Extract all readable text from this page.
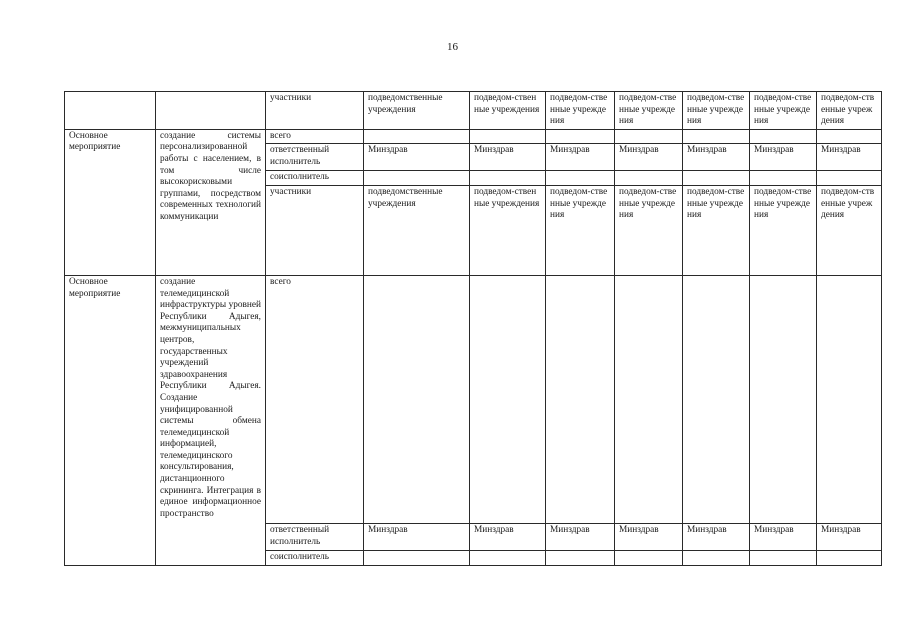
16
		участники	подведомственные учреждения	подведом-ственные учреждения	подведом-ственные учреждения	подведом-ственные учреждения	подведом-ственные учреждения	подведом-ственные учреждения	подведом-ственные учреждения
Основное мероприятие	создание системы персонализированной работы с населением, в том числе высокорисковыми группами, посредством современных технологий коммуникации	всего							
		ответственный исполнитель	Минздрав	Минздрав	Минздрав	Минздрав	Минздрав	Минздрав	Минздрав
		соисполнитель							
		участники	подведомственные учреждения	подведом-ственные учреждения	подведом-ственные учреждения	подведом-ственные учреждения	подведом-ственные учреждения	подведом-ственные учреждения	подведом-ственные учреждения
Основное мероприятие	создание телемедицинской инфраструктуры уровней Республики Адыгея, межмуниципальных центров, государственных учреждений здравоохранения Республики Адыгея. Создание унифицированной системы обмена телемедицинской информацией, телемедицинского консультирования, дистанционного скрининга. Интеграция в единое информационное пространство	всего							
		ответственный исполнитель	Минздрав	Минздрав	Минздрав	Минздрав	Минздрав	Минздрав	Минздрав
		соисполнитель							
